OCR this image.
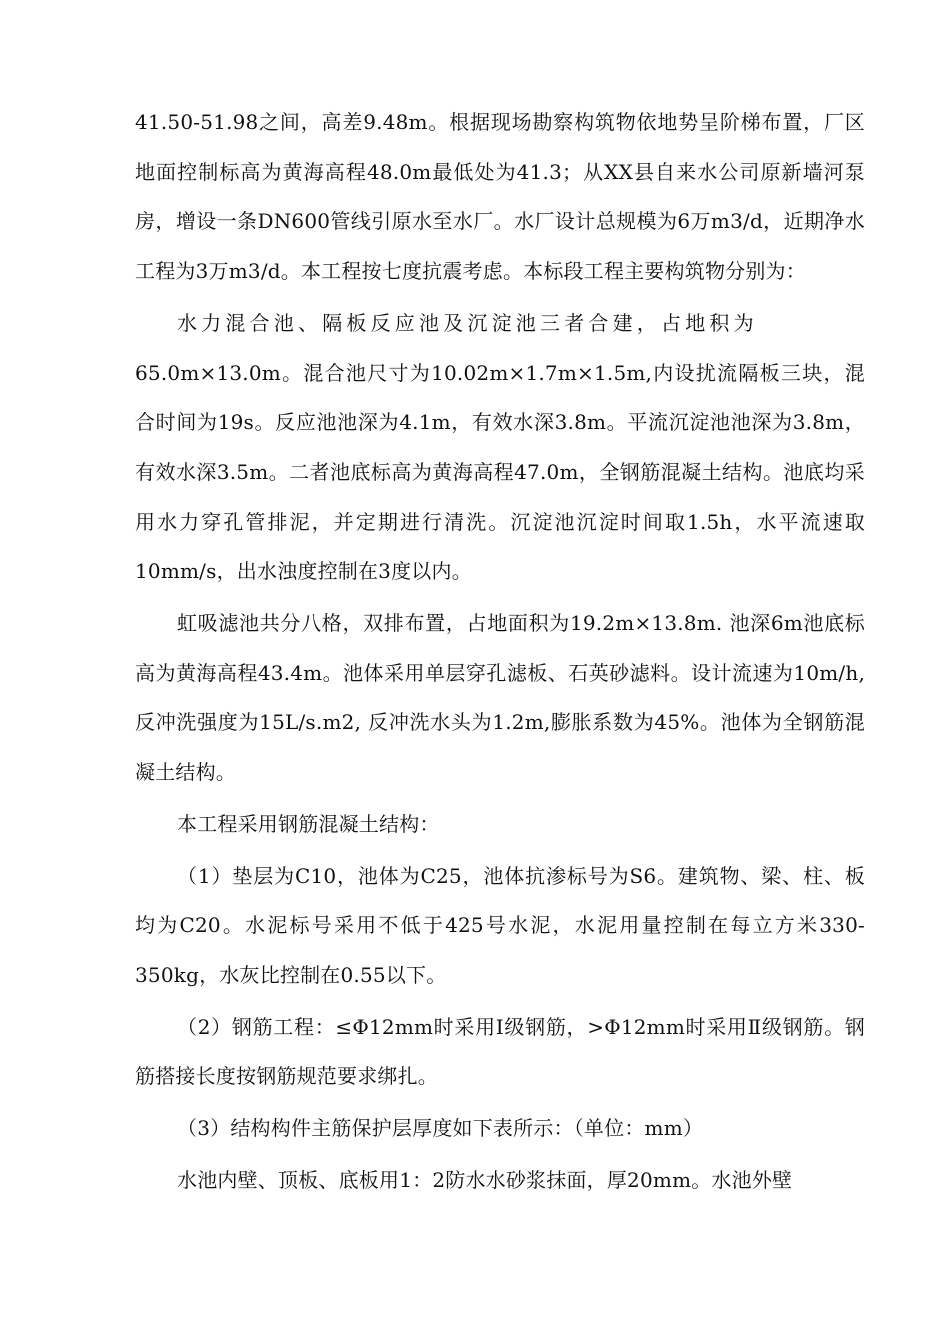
41.50-51.98之间，高差9.48m。根据现场勘察构筑物依地势呈阶梯布置，厂区地面控制标高为黄海高程48.0m最低处为41.3；从XX县自来水公司原新墙河泵房，增设一条DN600管线引原水至水厂。水厂设计总规模为6万m3/d，近期净水工程为3万m3/d。本工程按七度抗震考虑。本标段工程主要构筑物分别为：

水力混合池、隔板反应池及沉淀池三者合建，占地积为

65.0m×13.0m。混合池尺寸为10.02m×1.7m×1.5m,内设扰流隔板三块，混合时间为19s。反应池池深为4.1m，有效水深3.8m。平流沉淀池池深为3.8m，有效水深3.5m。二者池底标高为黄海高程47.0m，全钢筋混凝土结构。池底均采用水力穿孔管排泥，并定期进行清洗。沉淀池沉淀时间取1.5h，水平流速取10mm/s，出水浊度控制在3度以内。

虹吸滤池共分八格，双排布置，占地面积为19.2m×13.8m. 池深6m池底标高为黄海高程43.4m。池体采用单层穿孔滤板、石英砂滤料。设计流速为10m/h,反冲洗强度为15L/s.m2, 反冲洗水头为1.2m,膨胀系数为45%。池体为全钢筋混凝土结构。

本工程采用钢筋混凝土结构：

（1）垫层为C10，池体为C25，池体抗渗标号为S6。建筑物、梁、柱、板均为C20。水泥标号采用不低于425号水泥，水泥用量控制在每立方米330-350kg，水灰比控制在0.55以下。

（2）钢筋工程：≤Φ12mm时采用Ⅰ级钢筋，>Φ12mm时采用Ⅱ级钢筋。钢筋搭接长度按钢筋规范要求绑扎。

（3）结构构件主筋保护层厚度如下表所示：（单位：mm）

水池内壁、顶板、底板用1：2防水水砂浆抹面，厚20mm。水池外壁
